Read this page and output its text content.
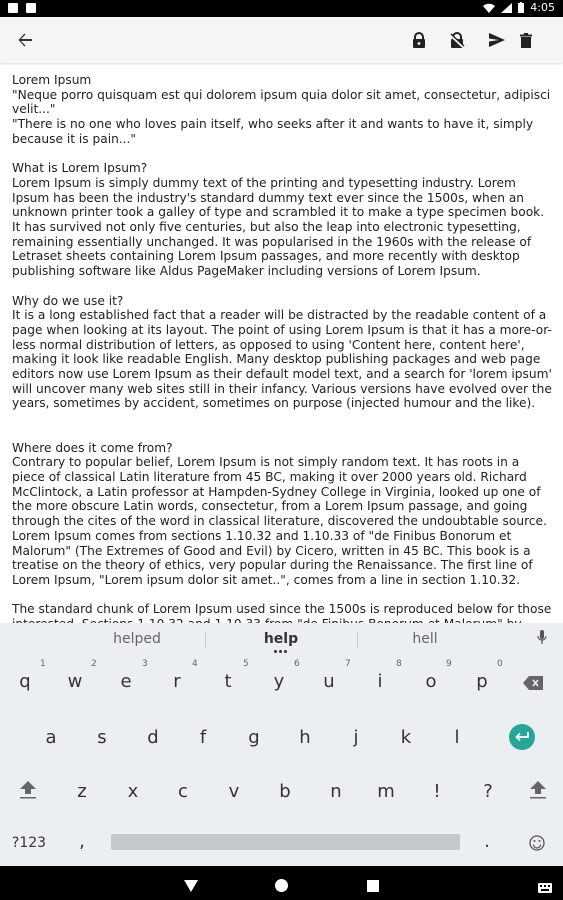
4:05
Lorem Ipsum
"Neque porro quisquam est qui dolorem ipsum quia dolor sit amet, consectetur, adipisci velit..."
"There is no one who loves pain itself, who seeks after it and wants to have it, simply because it is pain..."

What is Lorem Ipsum?
Lorem Ipsum is simply dummy text of the printing and typesetting industry. Lorem Ipsum has been the industry's standard dummy text ever since the 1500s, when an unknown printer took a galley of type and scrambled it to make a type specimen book. It has survived not only five centuries, but also the leap into electronic typesetting, remaining essentially unchanged. It was popularised in the 1960s with the release of Letraset sheets containing Lorem Ipsum passages, and more recently with desktop publishing software like Aldus PageMaker including versions of Lorem Ipsum.

Why do we use it?
It is a long established fact that a reader will be distracted by the readable content of a page when looking at its layout. The point of using Lorem Ipsum is that it has a more-or-less normal distribution of letters, as opposed to using 'Content here, content here', making it look like readable English. Many desktop publishing packages and web page editors now use Lorem Ipsum as their default model text, and a search for 'lorem ipsum' will uncover many web sites still in their infancy. Various versions have evolved over the years, sometimes by accident, sometimes on purpose (injected humour and the like).

Where does it come from?
Contrary to popular belief, Lorem Ipsum is not simply random text. It has roots in a piece of classical Latin literature from 45 BC, making it over 2000 years old. Richard McClintock, a Latin professor at Hampden-Sydney College in Virginia, looked up one of the more obscure Latin words, consectetur, from a Lorem Ipsum passage, and going through the cites of the word in classical literature, discovered the undoubtable source. Lorem Ipsum comes from sections 1.10.32 and 1.10.33 of "de Finibus Bonorum et Malorum" (The Extremes of Good and Evil) by Cicero, written in 45 BC. This book is a treatise on the theory of ethics, very popular during the Renaissance. The first line of Lorem Ipsum, "Lorem ipsum dolor sit amet..", comes from a line in section 1.10.32.

The standard chunk of Lorem Ipsum used since the 1500s is reproduced below for those
helped	help	hell
1	2	3	4	5	6	7	8	9	0
q	w	e	r	t	y	u	i	o	p
a	s	d	f	g	h	j	k	l
z	x	c	v	b	n	m	!	?
?123	,	.
